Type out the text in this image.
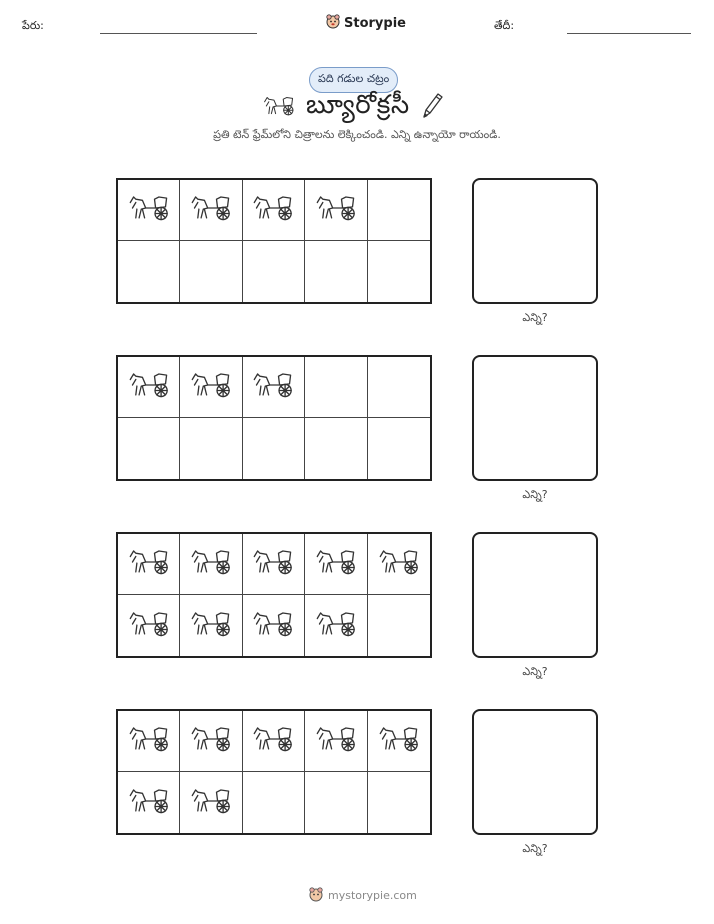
పేరు:	Storypie	తేదీ:
పది గడుల చట్రం
బ్యూరోక్రసీ
ప్రతి టెన్ ఫ్రేమ్‌లోని చిత్రాలను లెక్కించండి. ఎన్ని ఉన్నాయో రాయండి.
ఎన్ని?
ఎన్ని?
ఎన్ని?
ఎన్ని?
mystorypie.com
